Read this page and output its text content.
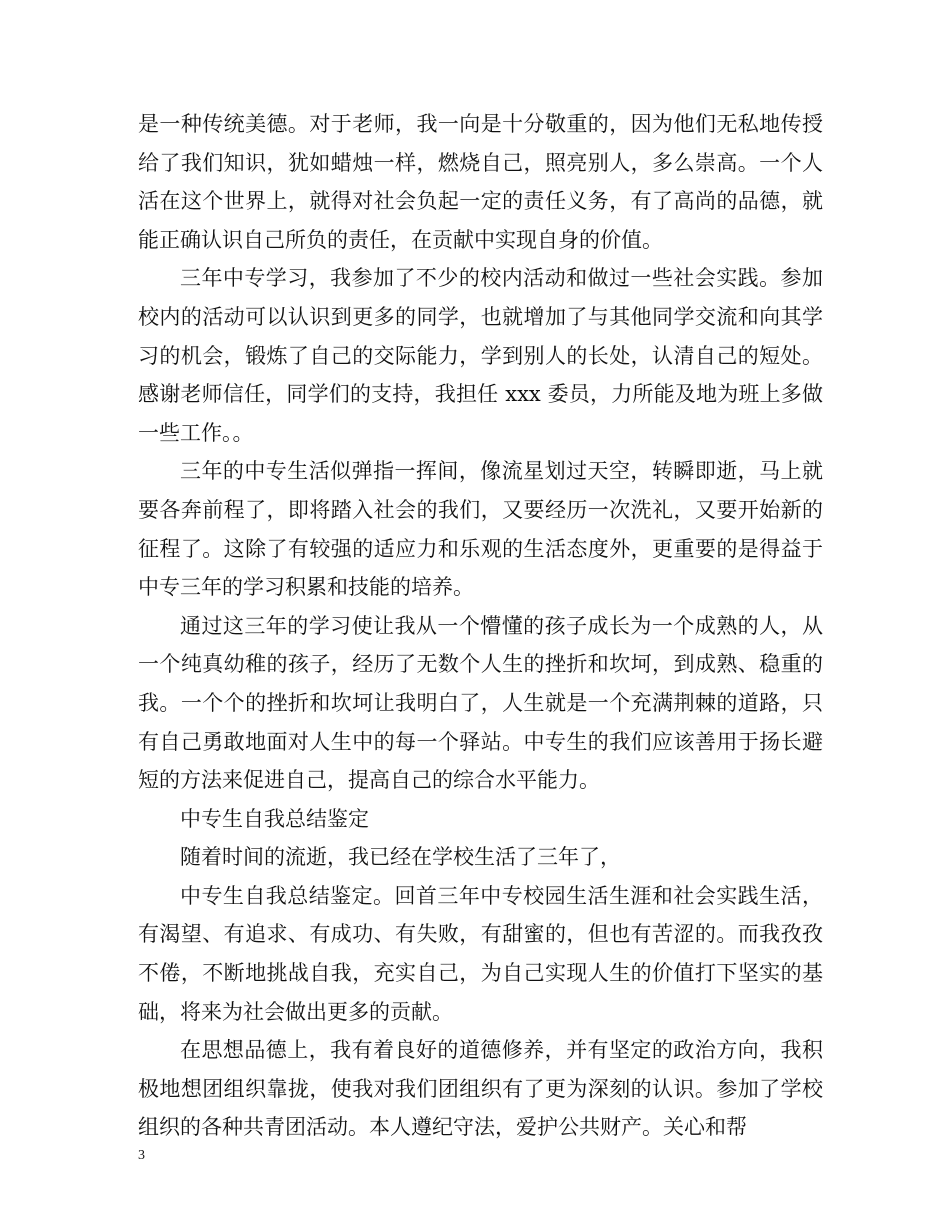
是一种传统美德。对于老师，我一向是十分敬重的，因为他们无私地传授给了我们知识，犹如蜡烛一样，燃烧自己，照亮别人，多么崇高。一个人活在这个世界上，就得对社会负起一定的责任义务，有了高尚的品德，就能正确认识自己所负的责任，在贡献中实现自身的价值。

三年中专学习，我参加了不少的校内活动和做过一些社会实践。参加校内的活动可以认识到更多的同学，也就增加了与其他同学交流和向其学习的机会，锻炼了自己的交际能力，学到别人的长处，认清自己的短处。感谢老师信任，同学们的支持，我担任 xxx 委员，力所能及地为班上多做一些工作。。

三年的中专生活似弹指一挥间，像流星划过天空，转瞬即逝，马上就要各奔前程了，即将踏入社会的我们，又要经历一次洗礼，又要开始新的征程了。这除了有较强的适应力和乐观的生活态度外，更重要的是得益于中专三年的学习积累和技能的培养。

通过这三年的学习使让我从一个懵懂的孩子成长为一个成熟的人，从一个纯真幼稚的孩子，经历了无数个人生的挫折和坎坷，到成熟、稳重的我。一个个的挫折和坎坷让我明白了，人生就是一个充满荆棘的道路，只有自己勇敢地面对人生中的每一个驿站。中专生的我们应该善用于扬长避短的方法来促进自己，提高自己的综合水平能力。

中专生自我总结鉴定

随着时间的流逝，我已经在学校生活了三年了，

中专生自我总结鉴定。回首三年中专校园生活生涯和社会实践生活，有渴望、有追求、有成功、有失败，有甜蜜的，但也有苦涩的。而我孜孜不倦，不断地挑战自我，充实自己，为自己实现人生的价值打下坚实的基础，将来为社会做出更多的贡献。

在思想品德上，我有着良好的道德修养，并有坚定的政治方向，我积极地想团组织靠拢，使我对我们团组织有了更为深刻的认识。参加了学校组织的各种共青团活动。本人遵纪守法，爱护公共财产。关心和帮

3
